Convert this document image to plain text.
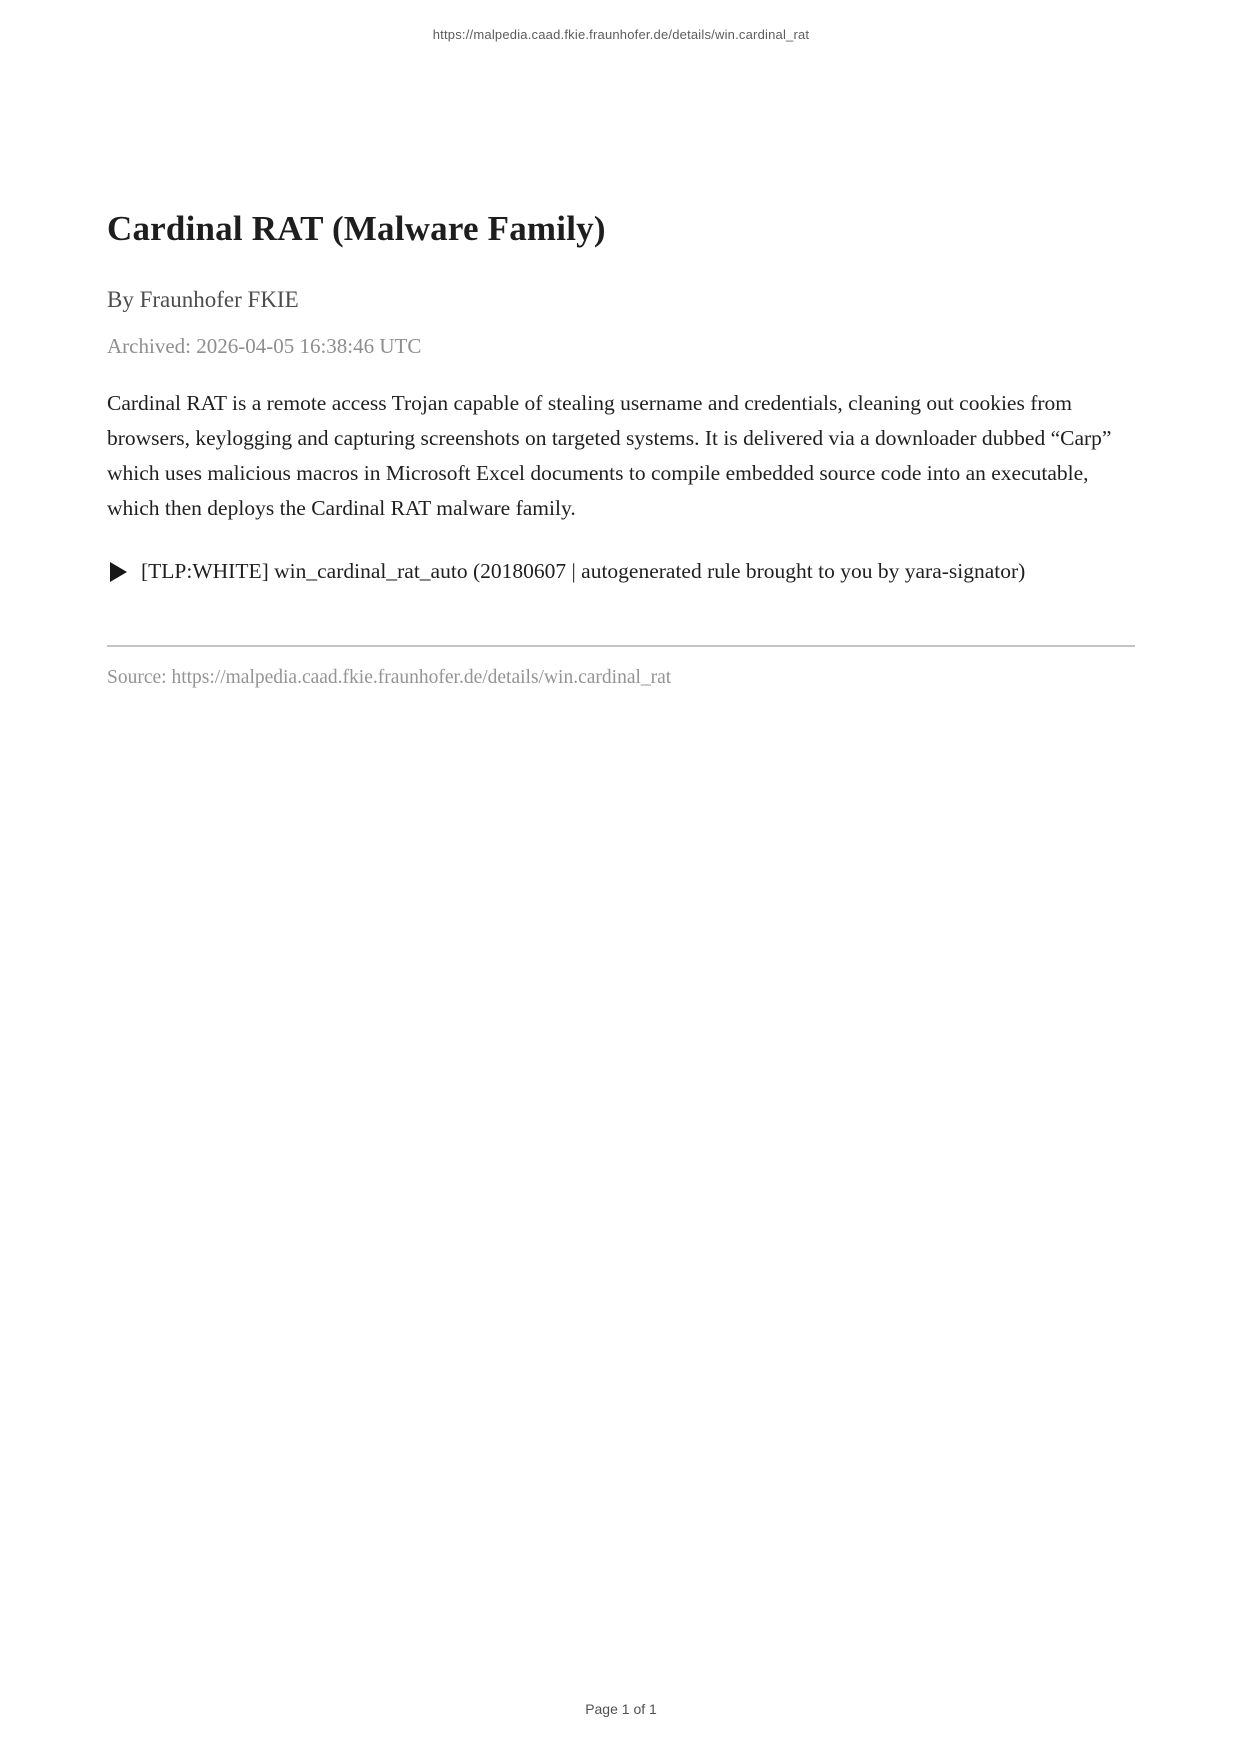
https://malpedia.caad.fkie.fraunhofer.de/details/win.cardinal_rat
Cardinal RAT (Malware Family)
By Fraunhofer FKIE
Archived: 2026-04-05 16:38:46 UTC

Cardinal RAT is a remote access Trojan capable of stealing username and credentials, cleaning out cookies from browsers, keylogging and capturing screenshots on targeted systems. It is delivered via a downloader dubbed “Carp” which uses malicious macros in Microsoft Excel documents to compile embedded source code into an executable, which then deploys the Cardinal RAT malware family.

[TLP:WHITE] win_cardinal_rat_auto (20180607 | autogenerated rule brought to you by yara-signator)
Source: https://malpedia.caad.fkie.fraunhofer.de/details/win.cardinal_rat
Page 1 of 1
